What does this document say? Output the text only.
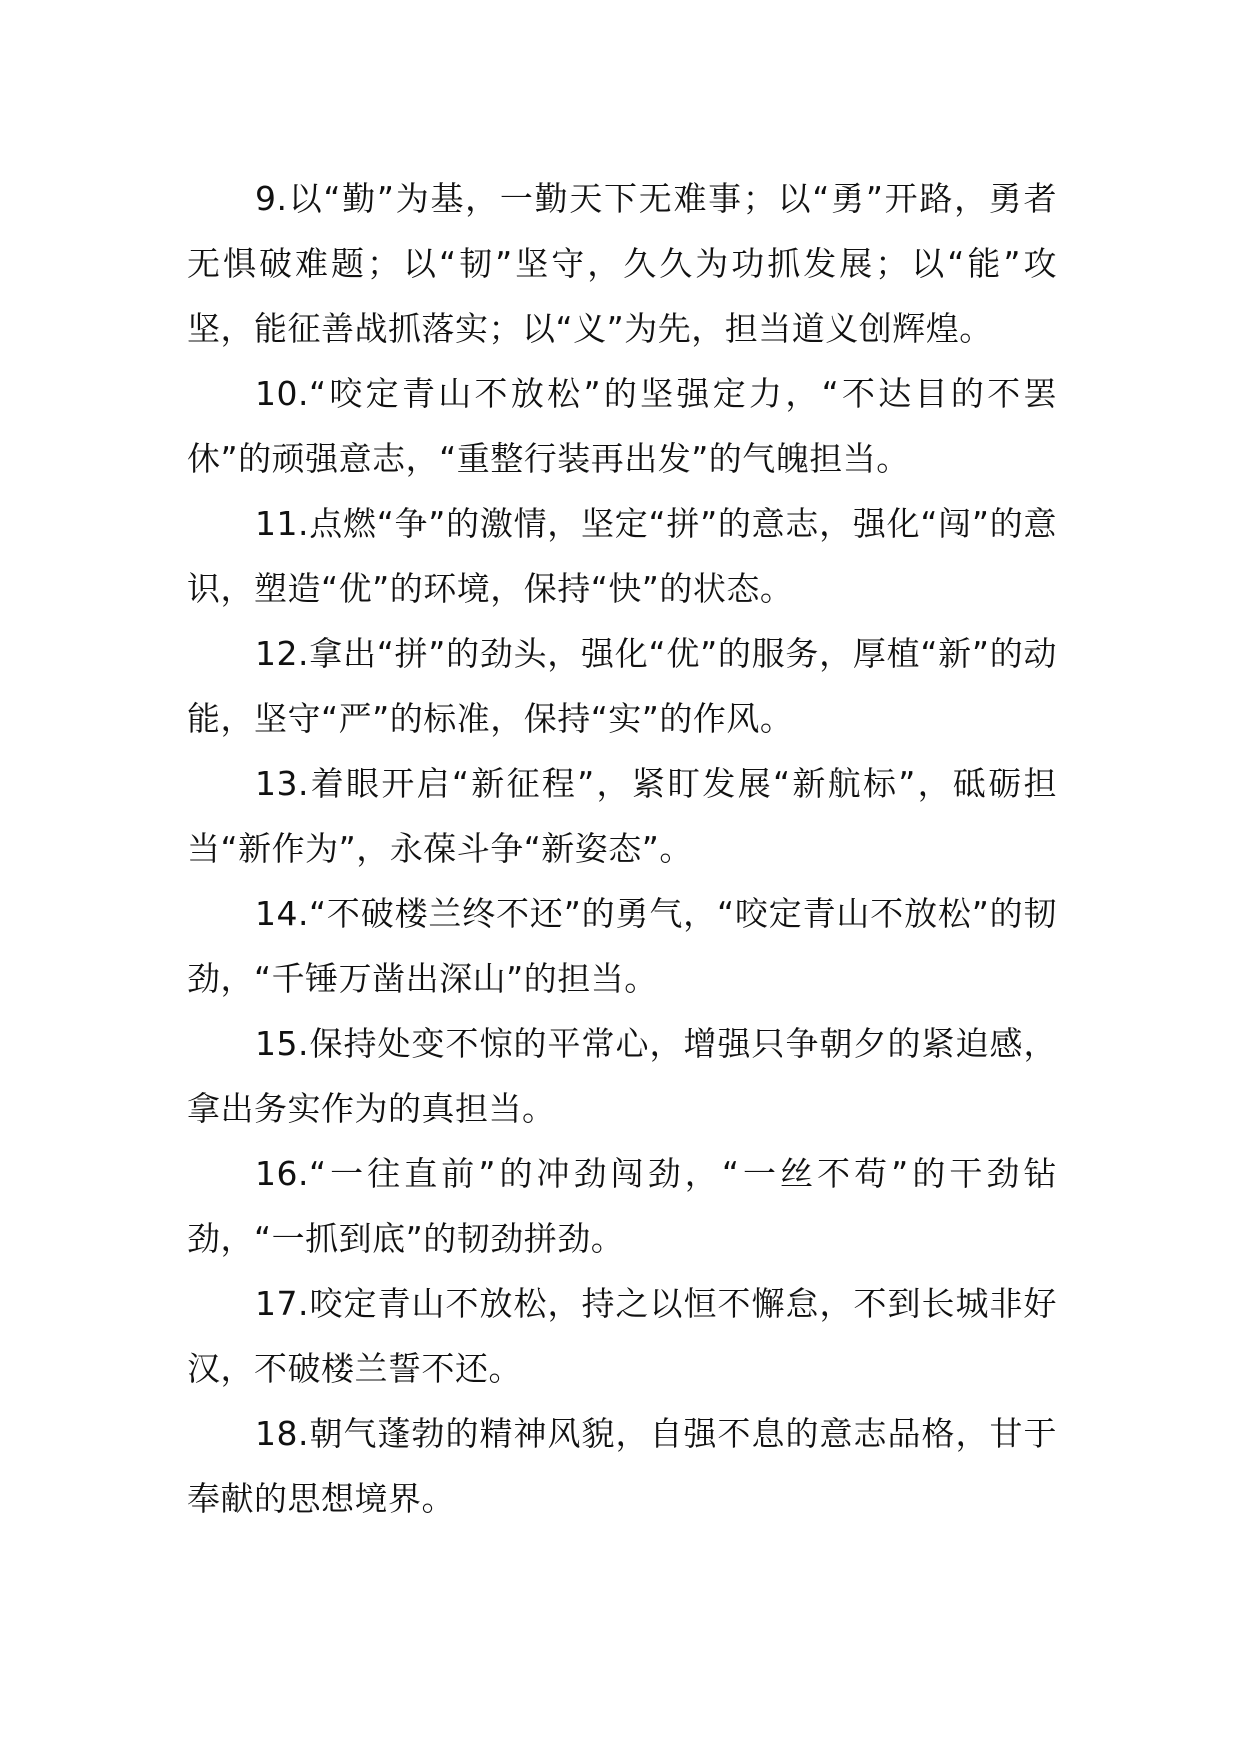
9.以“勤”为基，一勤天下无难事；以“勇”开路，勇者无惧破难题；以“韧”坚守，久久为功抓发展；以“能”攻坚，能征善战抓落实；以“义”为先，担当道义创辉煌。

10.“咬定青山不放松”的坚强定力，“不达目的不罢休”的顽强意志，“重整行装再出发”的气魄担当。

11.点燃“争”的激情，坚定“拼”的意志，强化“闯”的意识，塑造“优”的环境，保持“快”的状态。

12.拿出“拼”的劲头，强化“优”的服务，厚植“新”的动能，坚守“严”的标准，保持“实”的作风。

13.着眼开启“新征程”，紧盯发展“新航标”，砥砺担当“新作为”，永葆斗争“新姿态”。

14.“不破楼兰终不还”的勇气，“咬定青山不放松”的韧劲，“千锤万凿出深山”的担当。

15.保持处变不惊的平常心，增强只争朝夕的紧迫感，拿出务实作为的真担当。

16.“一往直前”的冲劲闯劲，“一丝不苟”的干劲钻劲，“一抓到底”的韧劲拼劲。

17.咬定青山不放松，持之以恒不懈怠，不到长城非好汉，不破楼兰誓不还。

18.朝气蓬勃的精神风貌，自强不息的意志品格，甘于奉献的思想境界。
